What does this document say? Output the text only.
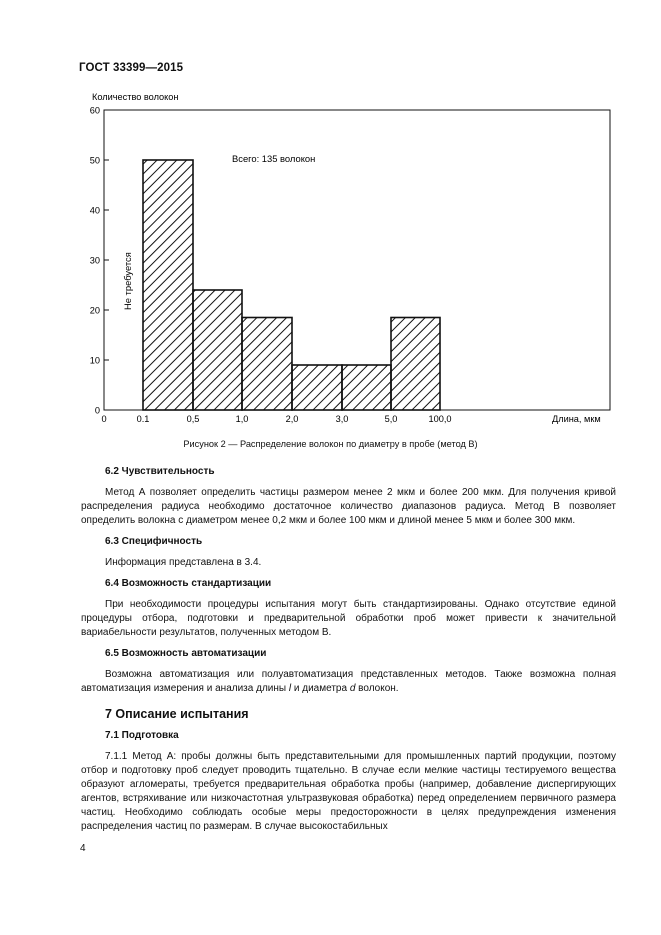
ГОСТ 33399—2015
Количество волокон
0
10
20
30
40
50
60
0	0.1	0,5	1,0	2,0	3,0	5,0	100,0
Всего: 135 волокон
Не требуется
Длина, мкм
Рисунок 2 — Распределение волокон по диаметру в пробе (метод В)

6.2 Чувствительность

Метод А позволяет определить частицы размером менее 2 мкм и более 200 мкм. Для получения кривой распределения радиуса необходимо достаточное количество диапазонов радиуса. Метод В позволяет определить волокна с диаметром менее 0,2 мкм и более 100 мкм и длиной менее 5 мкм и более 300 мкм.

6.3 Специфичность

Информация представлена в 3.4.

6.4 Возможность стандартизации

При необходимости процедуры испытания могут быть стандартизированы. Однако отсутствие единой процедуры отбора, подготовки и предварительной обработки проб может привести к значительной вариабельности результатов, полученных методом В.

6.5 Возможность автоматизации

Возможна автоматизация или полуавтоматизация представленных методов. Также возможна полная автоматизация измерения и анализа длины l и диаметра d волокон.

7 Описание испытания

7.1 Подготовка

7.1.1 Метод А: пробы должны быть представительными для промышленных партий продукции, поэтому отбор и подготовку проб следует проводить тщательно. В случае если мелкие частицы тестируемого вещества образуют агломераты, требуется предварительная обработка пробы (например, добавление диспергирующих агентов, встряхивание или низкочастотная ультразвуковая обработка) перед определением первичного размера частиц. Необходимо соблюдать особые меры предосторожности в целях предупреждения изменения распределения частиц по размерам. В случае высокостабильных

4
